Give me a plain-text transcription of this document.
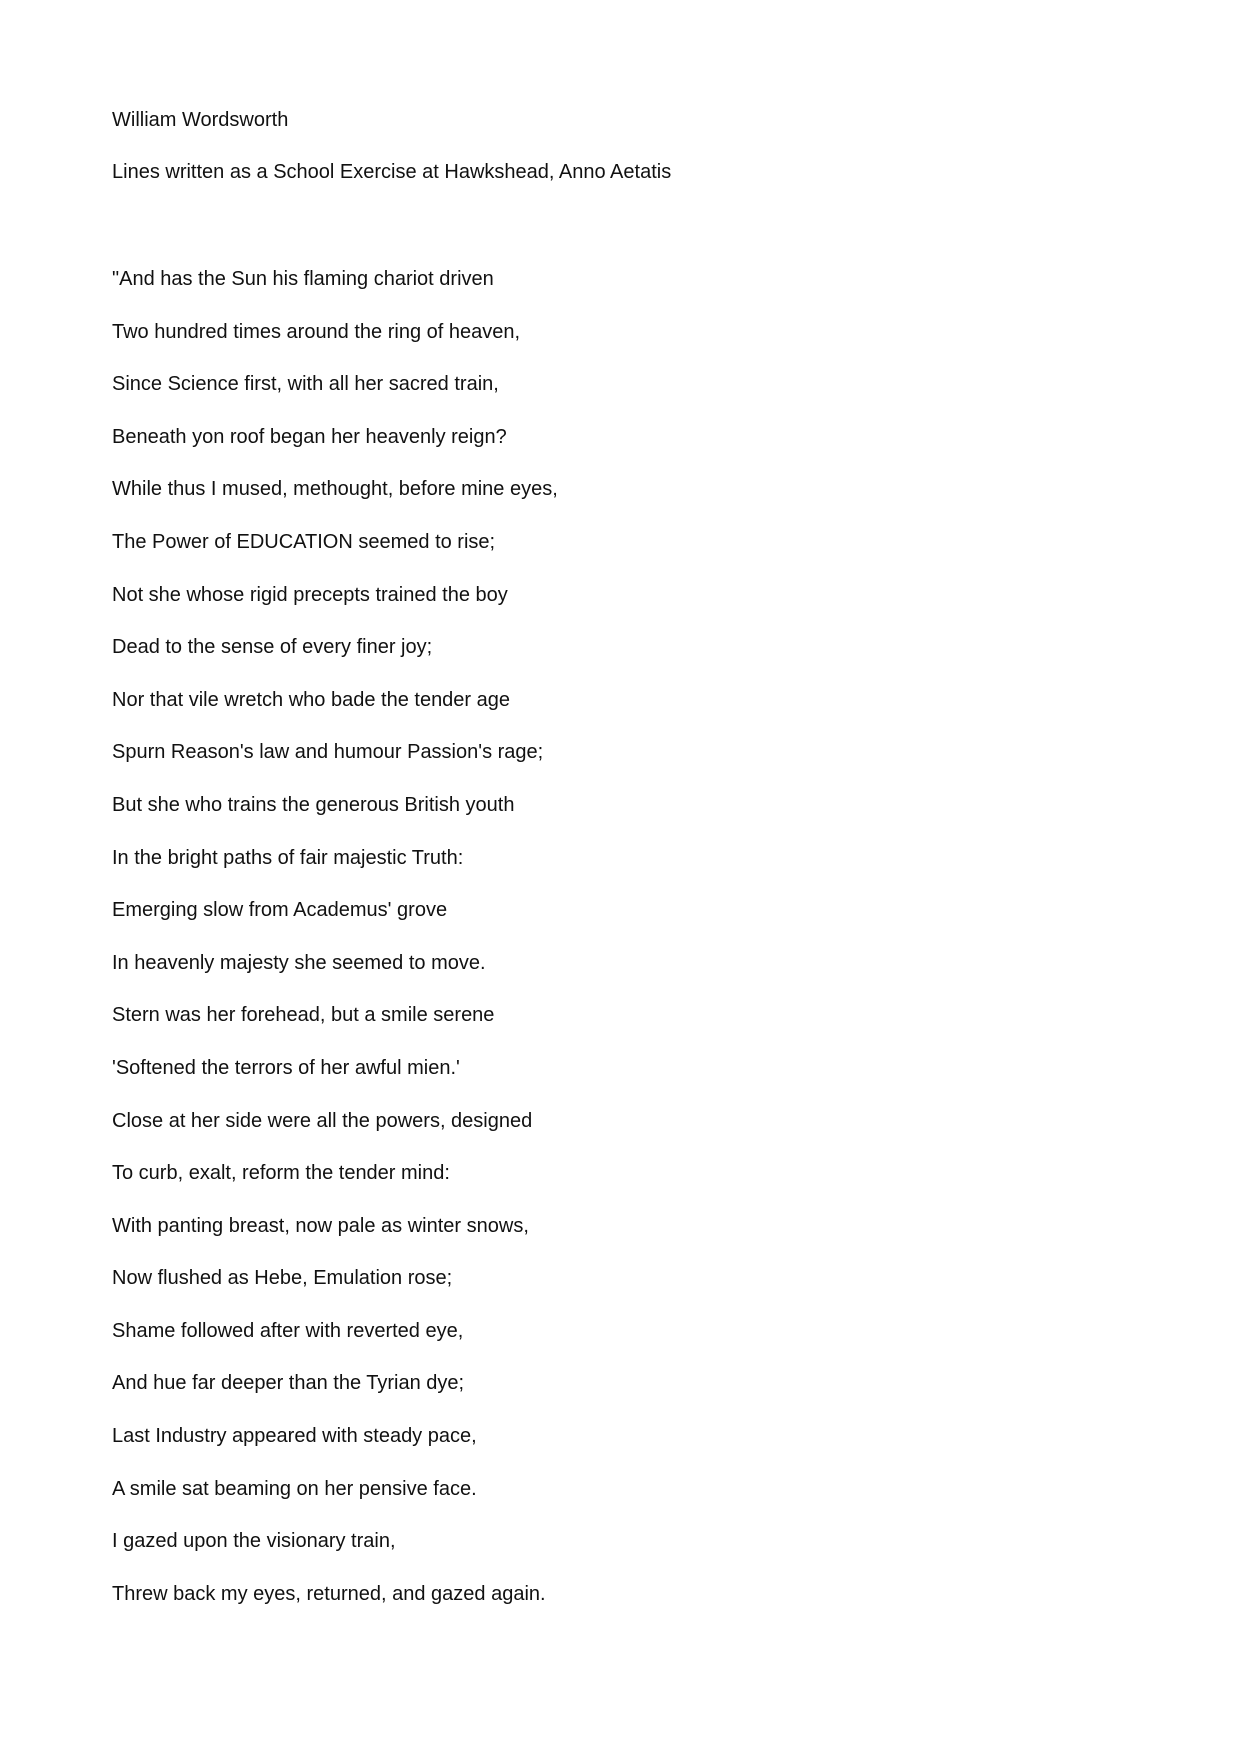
William Wordsworth
Lines written as a School Exercise at Hawkshead, Anno Aetatis
"And has the Sun his flaming chariot driven
Two hundred times around the ring of heaven,
Since Science first, with all her sacred train,
Beneath yon roof began her heavenly reign?
While thus I mused, methought, before mine eyes,
The Power of EDUCATION seemed to rise;
Not she whose rigid precepts trained the boy
Dead to the sense of every finer joy;
Nor that vile wretch who bade the tender age
Spurn Reason's law and humour Passion's rage;
But she who trains the generous British youth
In the bright paths of fair majestic Truth:
Emerging slow from Academus' grove
In heavenly majesty she seemed to move.
Stern was her forehead, but a smile serene
'Softened the terrors of her awful mien.'
Close at her side were all the powers, designed
To curb, exalt, reform the tender mind:
With panting breast, now pale as winter snows,
Now flushed as Hebe, Emulation rose;
Shame followed after with reverted eye,
And hue far deeper than the Tyrian dye;
Last Industry appeared with steady pace,
A smile sat beaming on her pensive face.
I gazed upon the visionary train,
Threw back my eyes, returned, and gazed again.
